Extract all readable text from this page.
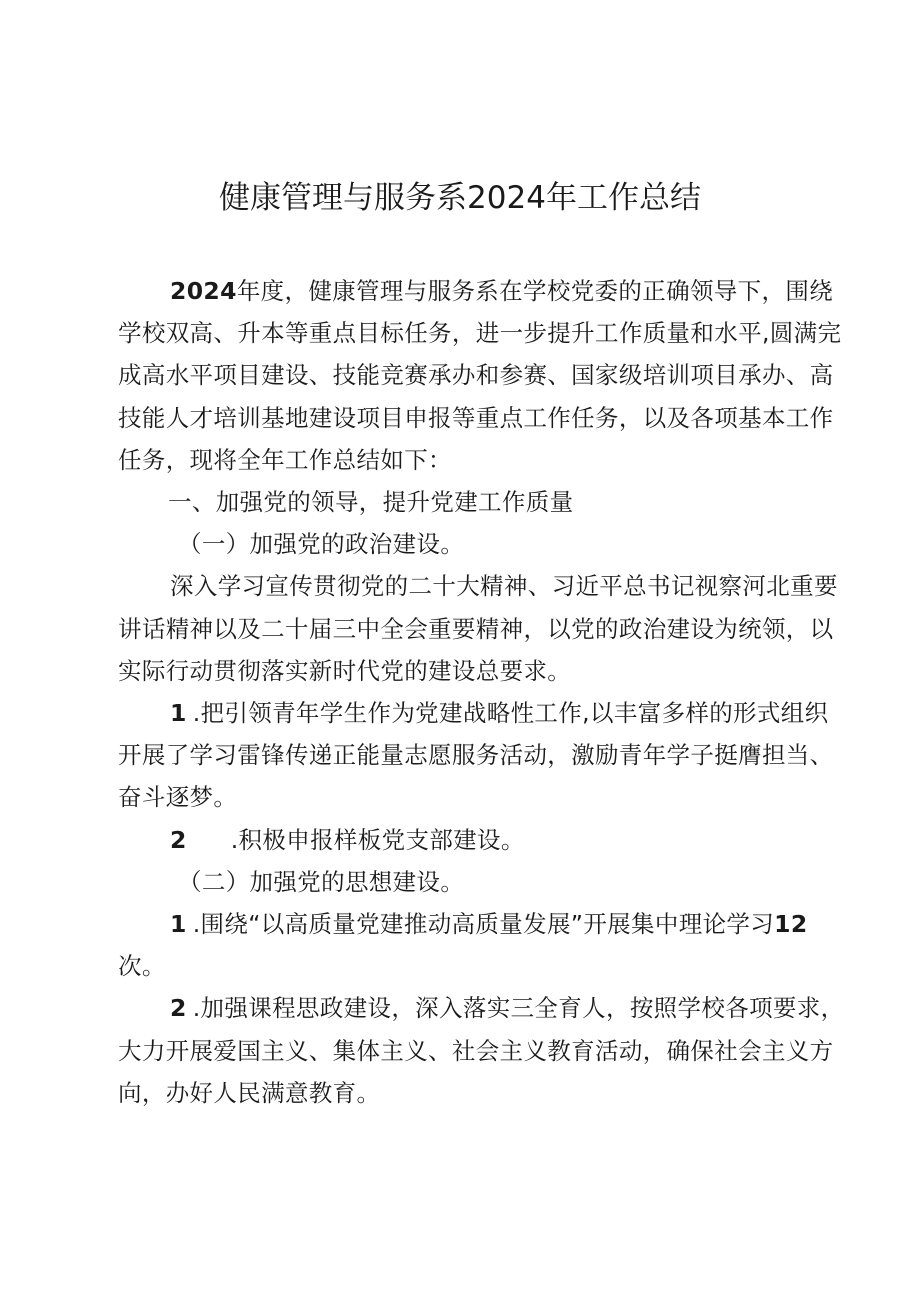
健康管理与服务系2024年工作总结
2024年度，健康管理与服务系在学校党委的正确领导下，围绕
学校双高、升本等重点目标任务，进一步提升工作质量和水平,圆满完
成高水平项目建设、技能竞赛承办和参赛、国家级培训项目承办、高
技能人才培训基地建设项目申报等重点工作任务，以及各项基本工作
任务，现将全年工作总结如下：
一、加强党的领导，提升党建工作质量
（一）加强党的政治建设。
深入学习宣传贯彻党的二十大精神、习近平总书记视察河北重要
讲话精神以及二十届三中全会重要精神，以党的政治建设为统领，以
实际行动贯彻落实新时代党的建设总要求。
1 .把引领青年学生作为党建战略性工作,以丰富多样的形式组织
开展了学习雷锋传递正能量志愿服务活动，激励青年学子挺膺担当、
奋斗逐梦。
2 .积极申报样板党支部建设。
（二）加强党的思想建设。
1 .围绕“以高质量党建推动高质量发展”开展集中理论学习12
次。
2 .加强课程思政建设，深入落实三全育人，按照学校各项要求，
大力开展爱国主义、集体主义、社会主义教育活动，确保社会主义方
向，办好人民满意教育。
